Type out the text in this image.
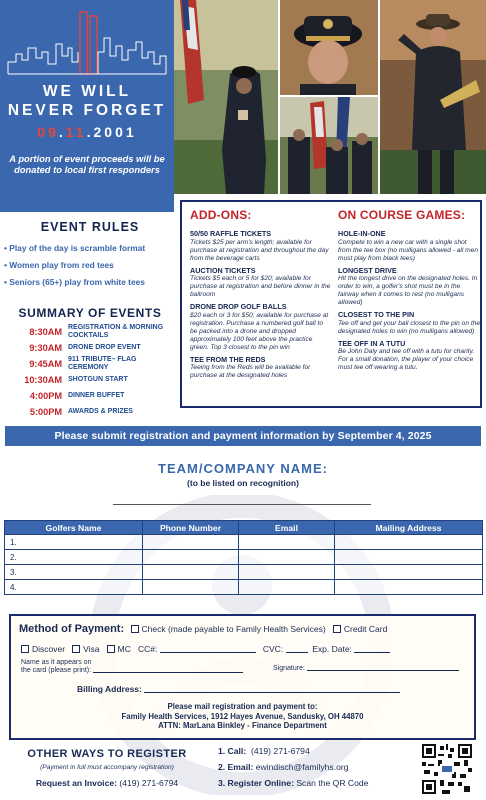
WE WILL
NEVER FORGET
09.11.2001
A portion of event proceeds will be donated to local first responders
EVENT RULES
• Play of the day is scramble format
• Women play from red tees
• Seniors (65+) play from white tees
SUMMARY OF EVENTS
8:30AM REGISTRATION & MORNING COCKTAILS
9:30AM DRONE DROP EVENT
9:45AM 911 TRIBUTE– FLAG CEREMONY
10:30AM SHOTGUN START
4:00PM DINNER BUFFET
5:00PM AWARDS & PRIZES
ADD-ONS:
50/50 RAFFLE TICKETS
Tickets $25 per arm's length; available for purchase at registration and throughout the day from the beverage carts
AUCTION TICKETS
Tickets $5 each or 5 for $20; available for purchase at registration and before dinner in the ballroom
DRONE DROP GOLF BALLS
$20 each or 3 for $50; available for purchase at registration. Purchase a numbered golf ball to be packed into a drone and dropped approximately 100 feet above the practice green. Top 3 closest to the pin win
TEE FROM THE REDS
Teeing from the Reds will be available for purchase at the designated holes
ON COURSE GAMES:
HOLE-IN-ONE
Compete to win a new car with a single shot from the tee box (no mulligans allowed - all men must play from black tees)
LONGEST DRIVE
Hit the longest drive on the designated holes. In order to win, a golfer's shot must be in the fairway when it comes to rest (no mulligans allowed)
CLOSEST TO THE PIN
Tee off and get your ball closest to the pin on the designated holes to win (no mulligans allowed)
TEE OFF IN A TUTU
Be John Daly and tee off with a tutu for charity. For a small donation, the player of your choice must tee off wearing a tutu.
Please submit registration and payment information by September 4, 2025
TEAM/COMPANY NAME:
(to be listed on recognition)
Golfers Name	Phone Number	Email	Mailing Address
1.			
2.			
3.			
4.			
Method of Payment: Check (made payable to Family Health Services) Credit Card
Discover Visa MC CC#:	CVC:	Exp. Date:
Name as it appears on
the card (please print):	Signature:
Billing Address:
Please mail registration and payment to:
Family Health Services, 1912 Hayes Avenue, Sandusky, OH 44870
ATTN: MarLana Binkley - Finance Department
OTHER WAYS TO REGISTER
(Payment in full must accompany registration)
Request an Invoice: (419) 271-6794
1. Call: (419) 271-6794
2. Email: ewindisch@familyhs.org
3. Register Online: Scan the QR Code
